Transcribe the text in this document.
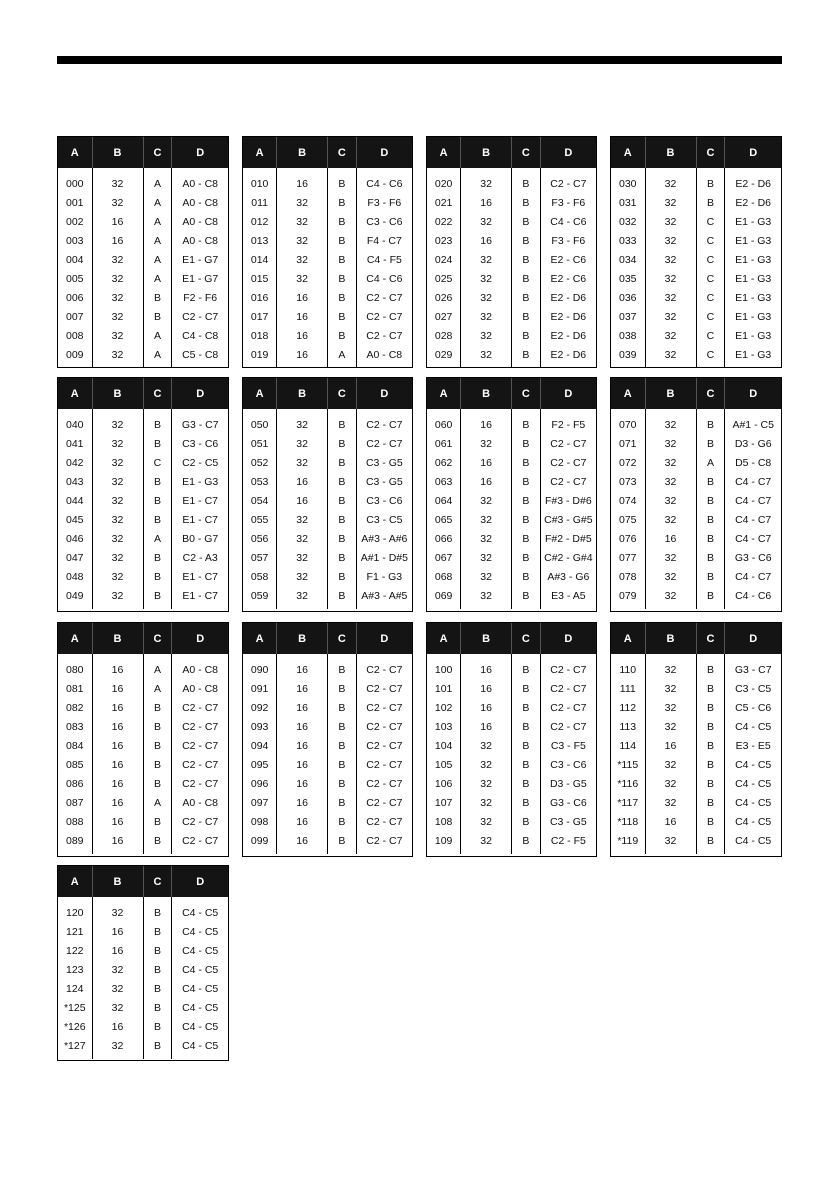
A	B	C	D
000	32	A	A0 - C8
001	32	A	A0 - C8
002	16	A	A0 - C8
003	16	A	A0 - C8
004	32	A	E1 - G7
005	32	A	E1 - G7
006	32	B	F2 - F6
007	32	B	C2 - C7
008	32	A	C4 - C8
009	32	A	C5 - C8
A	B	C	D
010	16	B	C4 - C6
011	32	B	F3 - F6
012	32	B	C3 - C6
013	32	B	F4 - C7
014	32	B	C4 - F5
015	32	B	C4 - C6
016	16	B	C2 - C7
017	16	B	C2 - C7
018	16	B	C2 - C7
019	16	A	A0 - C8
A	B	C	D
020	32	B	C2 - C7
021	16	B	F3 - F6
022	32	B	C4 - C6
023	16	B	F3 - F6
024	32	B	E2 - C6
025	32	B	E2 - C6
026	32	B	E2 - D6
027	32	B	E2 - D6
028	32	B	E2 - D6
029	32	B	E2 - D6
A	B	C	D
030	32	B	E2 - D6
031	32	B	E2 - D6
032	32	C	E1 - G3
033	32	C	E1 - G3
034	32	C	E1 - G3
035	32	C	E1 - G3
036	32	C	E1 - G3
037	32	C	E1 - G3
038	32	C	E1 - G3
039	32	C	E1 - G3
A	B	C	D
040	32	B	G3 - C7
041	32	B	C3 - C6
042	32	C	C2 - C5
043	32	B	E1 - G3
044	32	B	E1 - C7
045	32	B	E1 - C7
046	32	A	B0 - G7
047	32	B	C2 - A3
048	32	B	E1 - C7
049	32	B	E1 - C7
A	B	C	D
050	32	B	C2 - C7
051	32	B	C2 - C7
052	32	B	C3 - G5
053	16	B	C3 - G5
054	16	B	C3 - C6
055	32	B	C3 - C5
056	32	B	A#3 - A#6
057	32	B	A#1 - D#5
058	32	B	F1 - G3
059	32	B	A#3 - A#5
A	B	C	D
060	16	B	F2 - F5
061	32	B	C2 - C7
062	16	B	C2 - C7
063	16	B	C2 - C7
064	32	B	F#3 - D#6
065	32	B	C#3 - G#5
066	32	B	F#2 - D#5
067	32	B	C#2 - G#4
068	32	B	A#3 - G6
069	32	B	E3 - A5
A	B	C	D
070	32	B	A#1 - C5
071	32	B	D3 - G6
072	32	A	D5 - C8
073	32	B	C4 - C7
074	32	B	C4 - C7
075	32	B	C4 - C7
076	16	B	C4 - C7
077	32	B	G3 - C6
078	32	B	C4 - C7
079	32	B	C4 - C6
A	B	C	D
080	16	A	A0 - C8
081	16	A	A0 - C8
082	16	B	C2 - C7
083	16	B	C2 - C7
084	16	B	C2 - C7
085	16	B	C2 - C7
086	16	B	C2 - C7
087	16	A	A0 - C8
088	16	B	C2 - C7
089	16	B	C2 - C7
A	B	C	D
090	16	B	C2 - C7
091	16	B	C2 - C7
092	16	B	C2 - C7
093	16	B	C2 - C7
094	16	B	C2 - C7
095	16	B	C2 - C7
096	16	B	C2 - C7
097	16	B	C2 - C7
098	16	B	C2 - C7
099	16	B	C2 - C7
A	B	C	D
100	16	B	C2 - C7
101	16	B	C2 - C7
102	16	B	C2 - C7
103	16	B	C2 - C7
104	32	B	C3 - F5
105	32	B	C3 - C6
106	32	B	D3 - G5
107	32	B	G3 - C6
108	32	B	C3 - G5
109	32	B	C2 - F5
A	B	C	D
110	32	B	G3 - C7
111	32	B	C3 - C5
112	32	B	C5 - C6
113	32	B	C4 - C5
114	16	B	E3 - E5
*115	32	B	C4 - C5
*116	32	B	C4 - C5
*117	32	B	C4 - C5
*118	16	B	C4 - C5
*119	32	B	C4 - C5
A	B	C	D
120	32	B	C4 - C5
121	16	B	C4 - C5
122	16	B	C4 - C5
123	32	B	C4 - C5
124	32	B	C4 - C5
*125	32	B	C4 - C5
*126	16	B	C4 - C5
*127	32	B	C4 - C5
